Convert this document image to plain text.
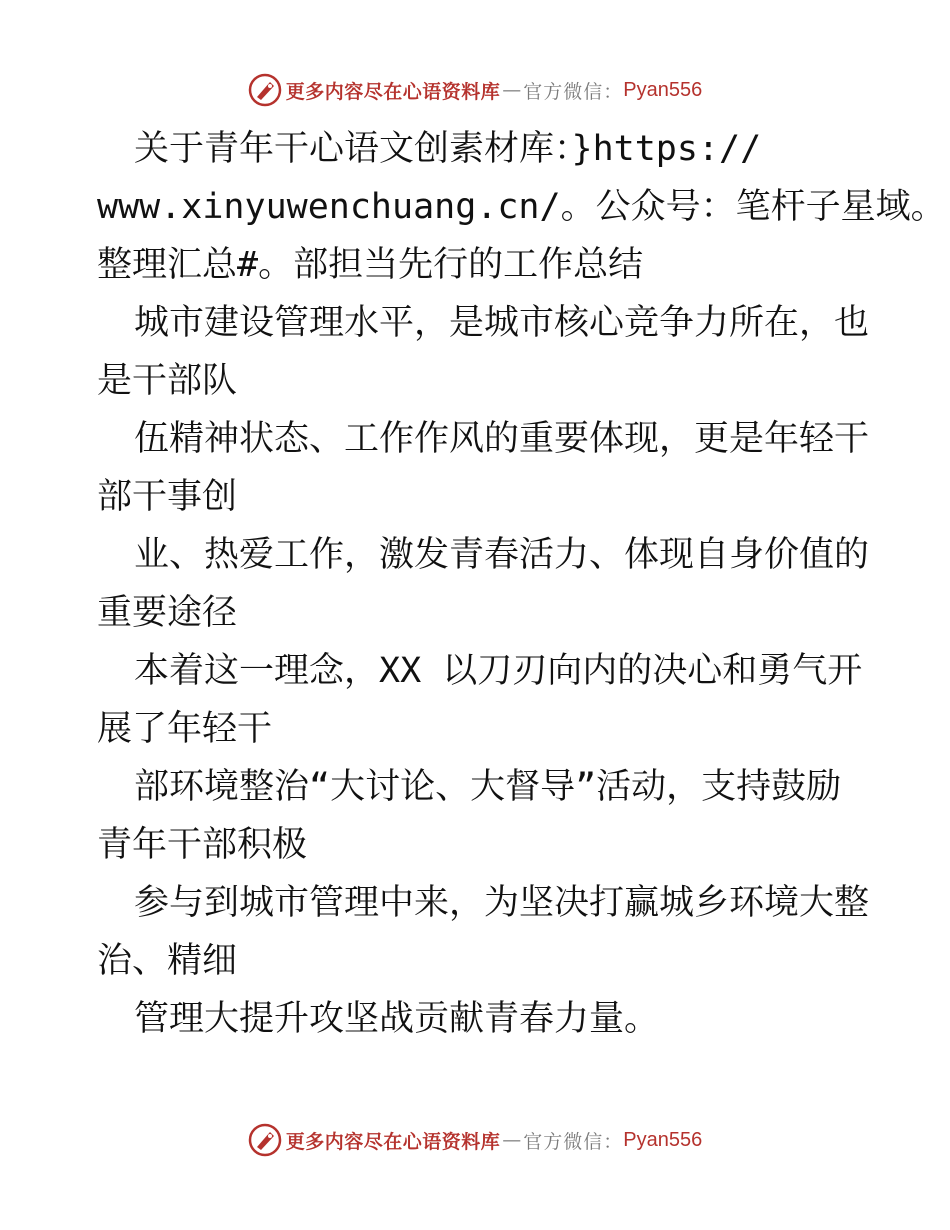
更多内容尽在心语资料库 — 官方微信： Pyan556
关于青年干心语文创素材库：}https://
www.xinyuwenchuang.cn/。公众号：笔杆子星域。
整理汇总#。部担当先行的工作总结
城市建设管理水平，是城市核心竞争力所在，也
是干部队
伍精神状态、工作作风的重要体现，更是年轻干
部干事创
业、热爱工作，激发青春活力、体现自身价值的
重要途径
本着这一理念，XX 以刀刃向内的决心和勇气开
展了年轻干
部环境整治“大讨论、大督导”活动，支持鼓励
青年干部积极
参与到城市管理中来，为坚决打赢城乡环境大整
治、精细
管理大提升攻坚战贡献青春力量。
更多内容尽在心语资料库 — 官方微信： Pyan556
